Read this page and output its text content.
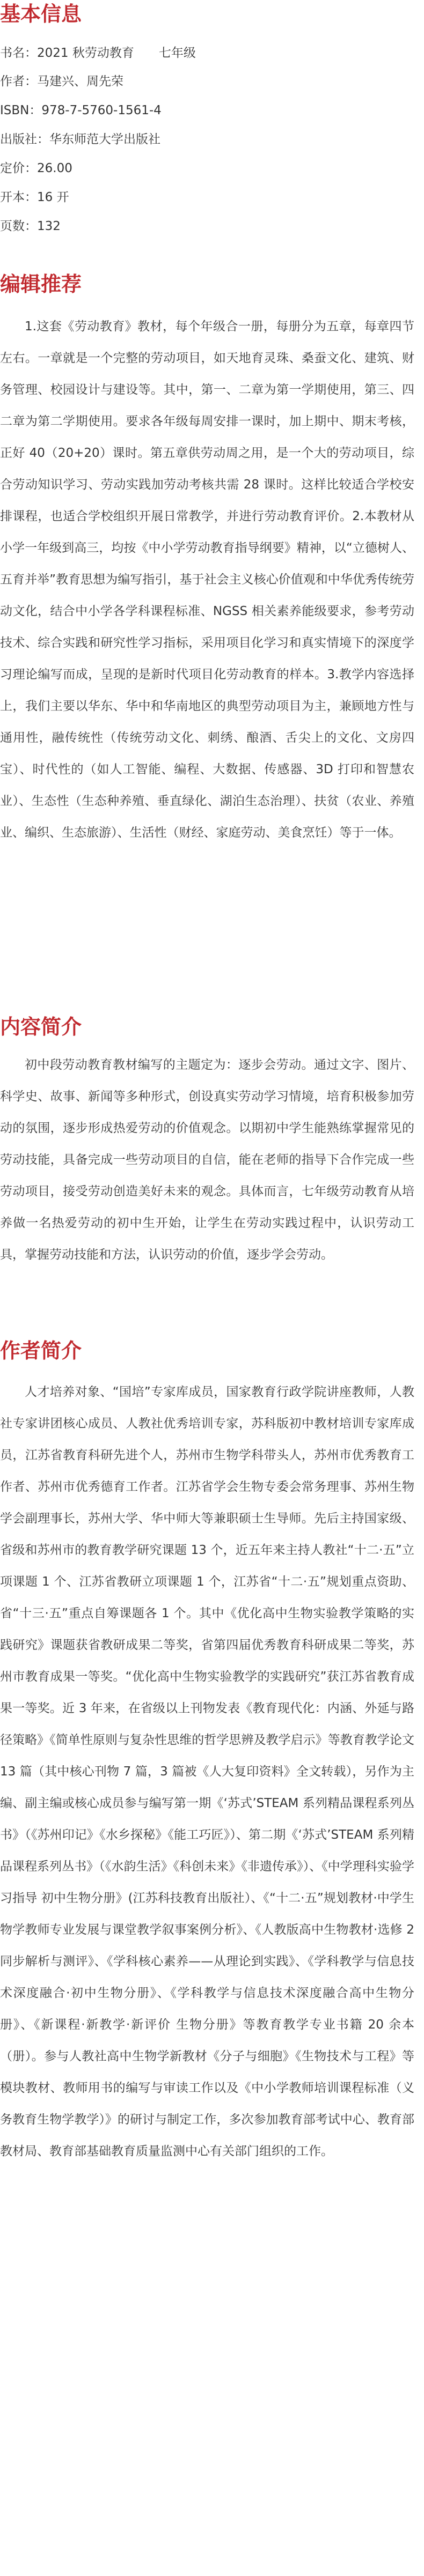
基本信息

书名：2021 秋劳动教育　　七年级

作者：马建兴、周先荣

ISBN：978-7-5760-1561-4

出版社：华东师范大学出版社

定价：26.00

开本：16 开

页数：132

编辑推荐

1.这套《劳动教育》教材，每个年级合一册，每册分为五章，每章四节左右。一章就是一个完整的劳动项目，如天地育灵珠、桑蚕文化、建筑、财务管理、校园设计与建设等。其中，第一、二章为第一学期使用，第三、四二章为第二学期使用。要求各年级每周安排一课时，加上期中、期末考核，正好 40（20+20）课时。第五章供劳动周之用，是一个大的劳动项目，综合劳动知识学习、劳动实践加劳动考核共需 28 课时。这样比较适合学校安排课程，也适合学校组织开展日常教学，并进行劳动教育评价。2.本教材从小学一年级到高三，均按《中小学劳动教育指导纲要》精神，以“立德树人、五育并举”教育思想为编写指引，基于社会主义核心价值观和中华优秀传统劳动文化，结合中小学各学科课程标准、NGSS 相关素养能级要求，参考劳动技术、综合实践和研究性学习指标，采用项目化学习和真实情境下的深度学习理论编写而成，呈现的是新时代项目化劳动教育的样本。3.教学内容选择上，我们主要以华东、华中和华南地区的典型劳动项目为主，兼顾地方性与通用性，融传统性（传统劳动文化、刺绣、酿酒、舌尖上的文化、文房四宝）、时代性的（如人工智能、编程、大数据、传感器、3D 打印和智慧农业）、生态性（生态种养殖、垂直绿化、湖泊生态治理）、扶贫（农业、养殖业、编织、生态旅游）、生活性（财经、家庭劳动、美食烹饪）等于一体。

内容简介

初中段劳动教育教材编写的主题定为：逐步会劳动。通过文字、图片、科学史、故事、新闻等多种形式，创设真实劳动学习情境，培育积极参加劳动的氛围，逐步形成热爱劳动的价值观念。以期初中学生能熟练掌握常见的劳动技能，具备完成一些劳动项目的自信，能在老师的指导下合作完成一些劳动项目，接受劳动创造美好未来的观念。具体而言，七年级劳动教育从培养做一名热爱劳动的初中生开始，让学生在劳动实践过程中，认识劳动工具，掌握劳动技能和方法，认识劳动的价值，逐步学会劳动。

作者简介

人才培养对象、“国培”专家库成员，国家教育行政学院讲座教师，人教社专家讲团核心成员、人教社优秀培训专家，苏科版初中教材培训专家库成员，江苏省教育科研先进个人，苏州市生物学科带头人，苏州市优秀教育工作者、苏州市优秀德育工作者。江苏省学会生物专委会常务理事、苏州生物学会副理事长，苏州大学、华中师大等兼职硕士生导师。先后主持国家级、省级和苏州市的教育教学研究课题 13 个，近五年来主持人教社“十二·五”立项课题 1 个、江苏省教研立项课题 1 个，江苏省“十二·五”规划重点资助、省“十三·五”重点自筹课题各 1 个。其中《优化高中生物实验教学策略的实践研究》课题获省教研成果二等奖，省第四届优秀教育科研成果二等奖，苏州市教育成果一等奖。“优化高中生物实验教学的实践研究”获江苏省教育成果一等奖。近 3 年来，在省级以上刊物发表《教育现代化：内涵、外延与路径策略》《简单性原则与复杂性思维的哲学思辨及教学启示》等教育教学论文 13 篇（其中核心刊物 7 篇，3 篇被《人大复印资料》全文转载），另作为主编、副主编或核心成员参与编写第一期《‘苏式’STEAM 系列精品课程系列丛书》（《苏州印记》《水乡探秘》《能工巧匠》）、第二期《‘苏式’STEAM 系列精品课程系列丛书》（《水韵生活》《科创未来》《非遗传承》）、《中学理科实验学习指导 初中生物分册》(江苏科技教育出版社）、《“十二·五”规划教材·中学生物学教师专业发展与课堂教学叙事案例分析》、《人教版高中生物教材·选修 2 同步解析与测评》、《学科核心素养——从理论到实践》、《学科教学与信息技术深度融合·初中生物分册》、《学科教学与信息技术深度融合高中生物分册》、《新课程·新教学·新评价 生物分册》等教育教学专业书籍 20 余本（册）。参与人教社高中生物学新教材《分子与细胞》《生物技术与工程》等模块教材、教师用书的编写与审读工作以及《中小学教师培训课程标准（义务教育生物学教学）》的研讨与制定工作，多次参加教育部考试中心、教育部教材局、教育部基础教育质量监测中心有关部门组织的工作。
